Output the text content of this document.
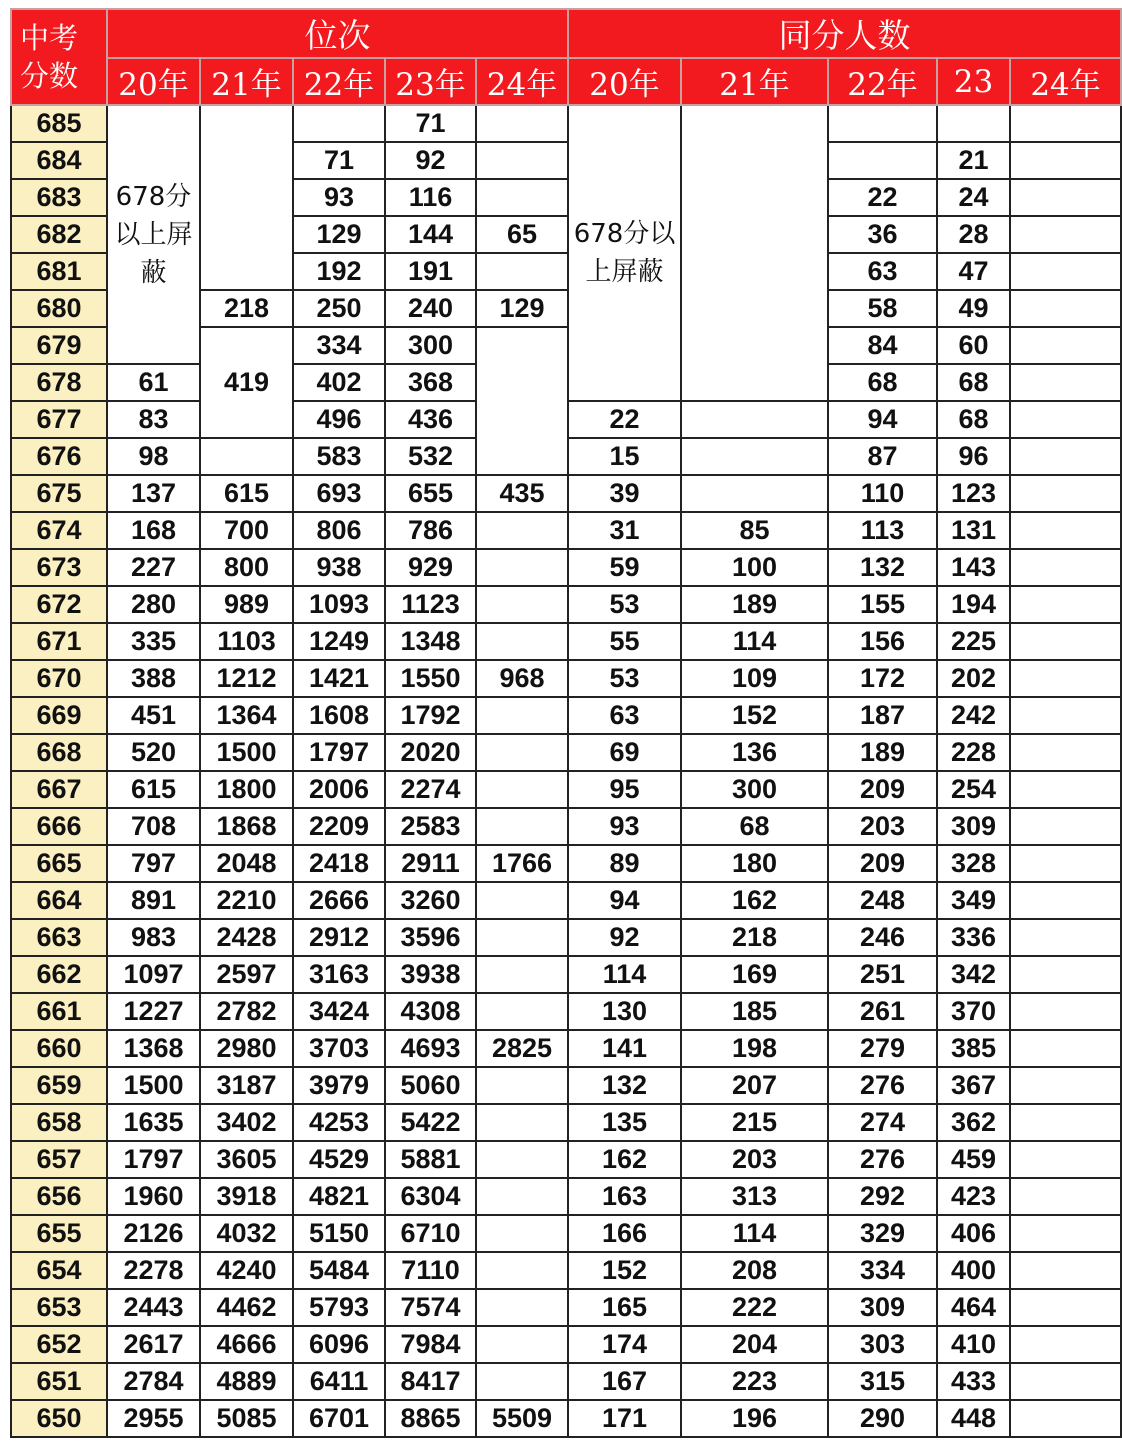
中考
分数	位次					同分人数				
	20年	21年	22年	23年	24年	20年	21年	22年	23	24年
685	678分以上屏蔽			71		678分以上屏蔽				
684			71	92					21	
683			93	116				22	24	
682			129	144	65			36	28	
681			192	191				63	47	
680		218	250	240	129			58	49	
679		419	334	300				84	60	
678	61		402	368				68	68	
677	83		496	436		22		94	68	
676	98		583	532		15		87	96	
675	137	615	693	655	435	39		110	123	
674	168	700	806	786		31	85	113	131	
673	227	800	938	929		59	100	132	143	
672	280	989	1093	1123		53	189	155	194	
671	335	1103	1249	1348		55	114	156	225	
670	388	1212	1421	1550	968	53	109	172	202	
669	451	1364	1608	1792		63	152	187	242	
668	520	1500	1797	2020		69	136	189	228	
667	615	1800	2006	2274		95	300	209	254	
666	708	1868	2209	2583		93	68	203	309	
665	797	2048	2418	2911	1766	89	180	209	328	
664	891	2210	2666	3260		94	162	248	349	
663	983	2428	2912	3596		92	218	246	336	
662	1097	2597	3163	3938		114	169	251	342	
661	1227	2782	3424	4308		130	185	261	370	
660	1368	2980	3703	4693	2825	141	198	279	385	
659	1500	3187	3979	5060		132	207	276	367	
658	1635	3402	4253	5422		135	215	274	362	
657	1797	3605	4529	5881		162	203	276	459	
656	1960	3918	4821	6304		163	313	292	423	
655	2126	4032	5150	6710		166	114	329	406	
654	2278	4240	5484	7110		152	208	334	400	
653	2443	4462	5793	7574		165	222	309	464	
652	2617	4666	6096	7984		174	204	303	410	
651	2784	4889	6411	8417		167	223	315	433	
650	2955	5085	6701	8865	5509	171	196	290	448	
